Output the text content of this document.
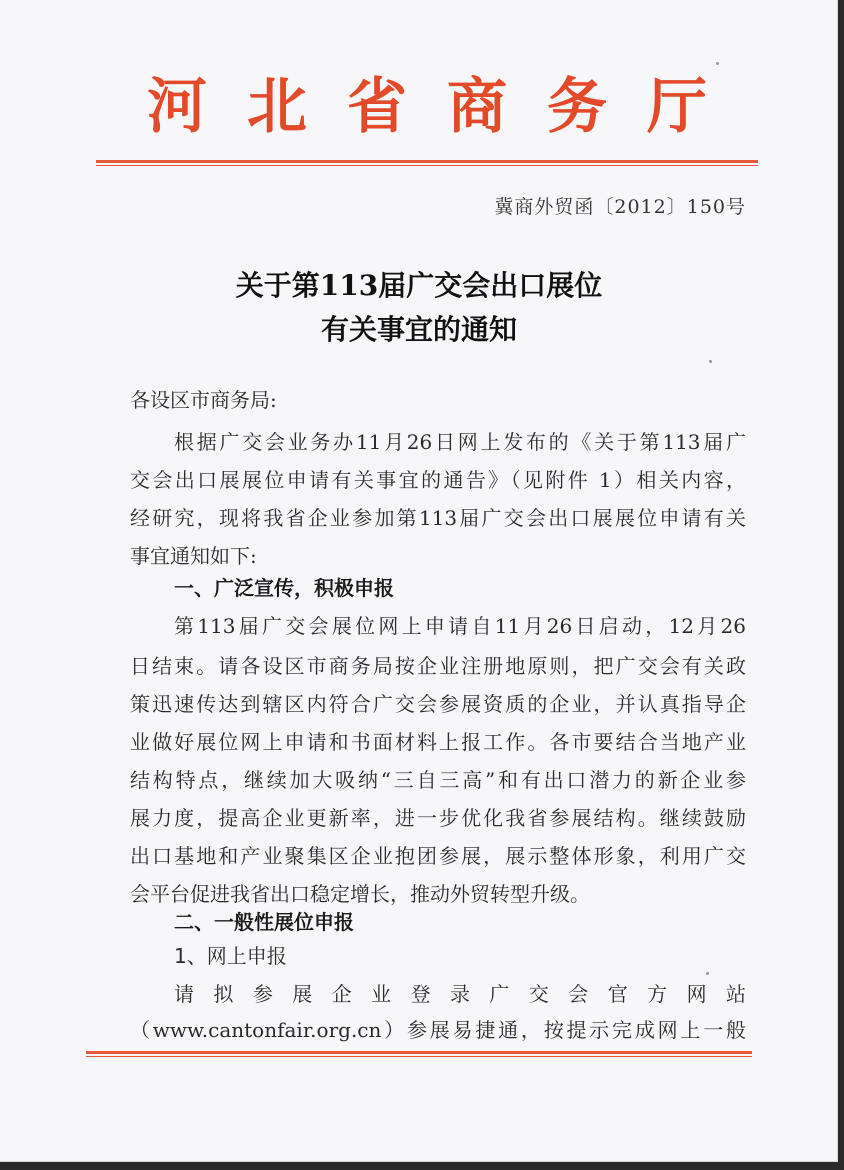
河北省商务厅
冀商外贸函〔2012〕150号
关于第113届广交会出口展位
有关事宜的通知
各设区市商务局:
根据广交会业务办11月26日网上发布的《关于第113届广
交会出口展展位申请有关事宜的通告》（见附件 1）相关内容，
经研究，现将我省企业参加第113届广交会出口展展位申请有关
事宜通知如下:
一、广泛宣传，积极申报
第113届广交会展位网上申请自11月26日启动，12月26
日结束。请各设区市商务局按企业注册地原则，把广交会有关政
策迅速传达到辖区内符合广交会参展资质的企业，并认真指导企
业做好展位网上申请和书面材料上报工作。各市要结合当地产业
结构特点，继续加大吸纳“三自三高”和有出口潜力的新企业参
展力度，提高企业更新率，进一步优化我省参展结构。继续鼓励
出口基地和产业聚集区企业抱团参展，展示整体形象，利用广交
会平台促进我省出口稳定增长，推动外贸转型升级。
二、一般性展位申报
1、网上申报
请拟参展企业登录广交会官方网站
（www.cantonfair.org.cn）参展易捷通，按提示完成网上一般
